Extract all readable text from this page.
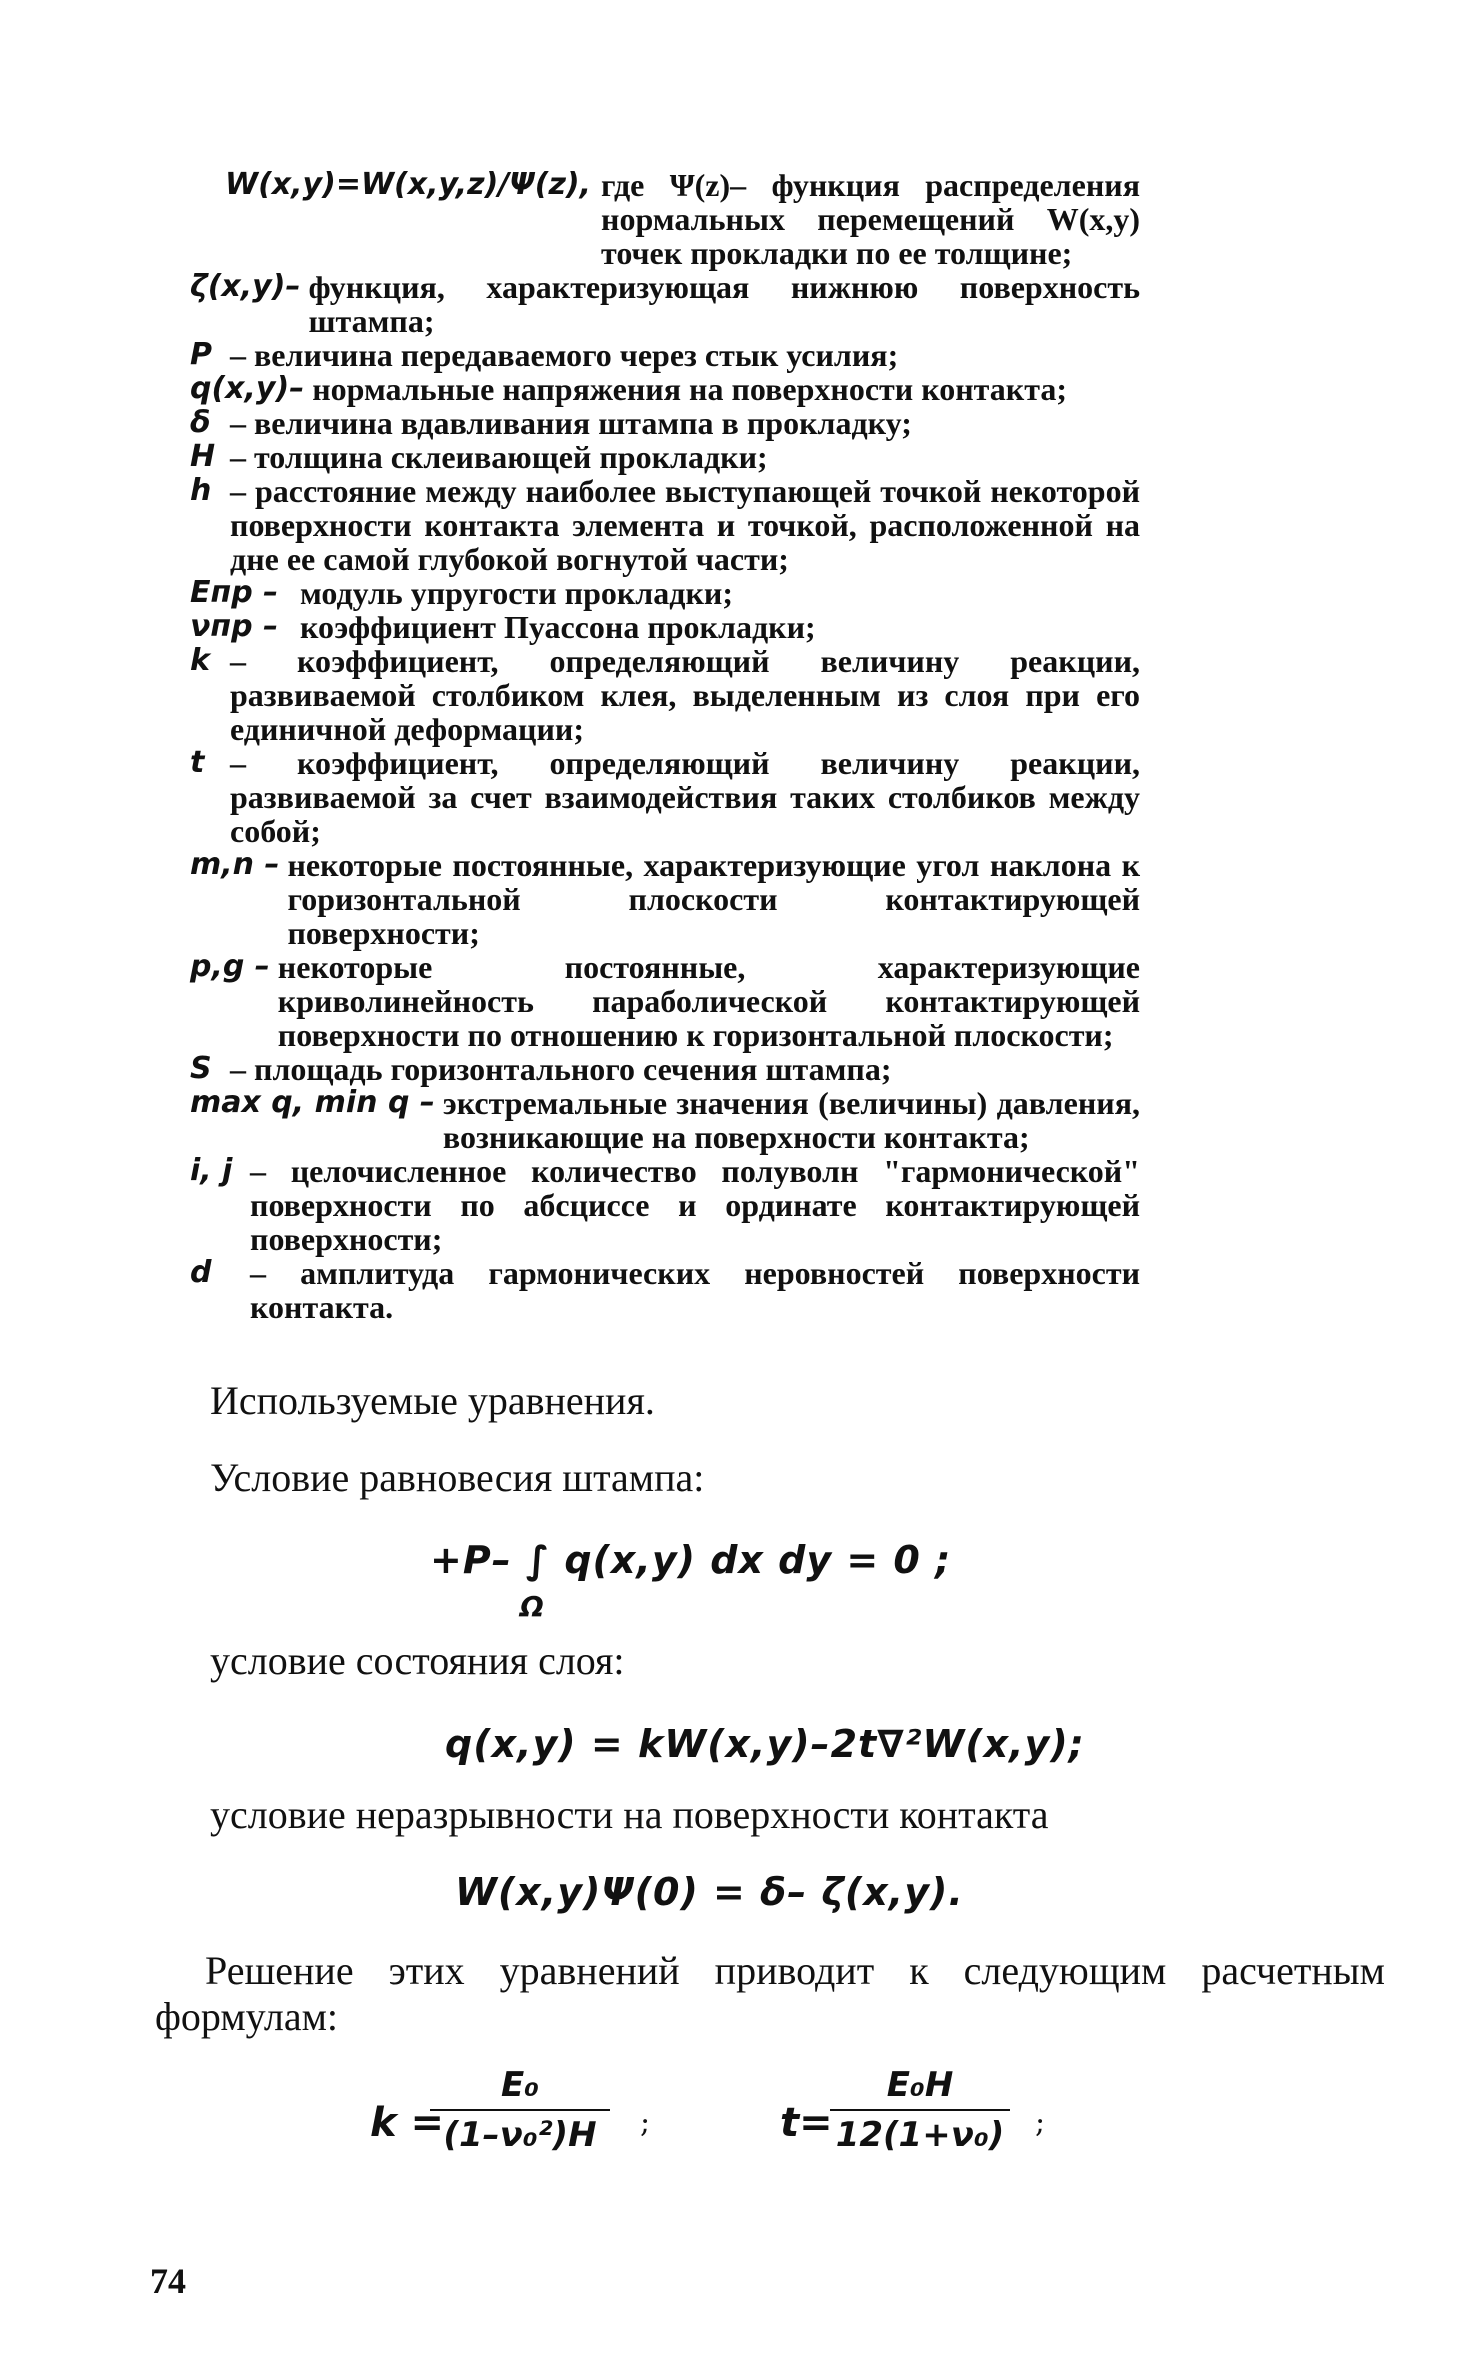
W(x,y)=W(x,y,z)/Ψ(z), где Ψ(z)– функция распределения нормальных перемещений W(x,y) точек прокладки по ее толщине;
ζ(x,y)– функция, характеризующая нижнюю поверхность штампа;
P – величина передаваемого через стык усилия;
q(x,y)– нормальные напряжения на поверхности контакта;
δ – величина вдавливания штампа в прокладку;
H – толщина склеивающей прокладки;
h – расстояние между наиболее выступающей точкой некоторой поверхности контакта элемента и точкой, расположенной на дне ее самой глубокой вогнутой части;
Eпр – модуль упругости прокладки;
νпр – коэффициент Пуассона прокладки;
k – коэффициент, определяющий величину реакции, развиваемой столбиком клея, выделенным из слоя при его единичной деформации;
t – коэффициент, определяющий величину реакции, развиваемой за счет взаимодействия таких столбиков между собой;
m,n – некоторые постоянные, характеризующие угол наклона к горизонтальной плоскости контактирующей поверхности;
p,g – некоторые постоянные, характеризующие криволинейность параболической контактирующей поверхности по отношению к горизонтальной плоскости;
S – площадь горизонтального сечения штампа;
max q, min q – экстремальные значения (величины) давления, возникающие на поверхности контакта;
i, j – целочисленное количество полуволн "гармонической" поверхности по абсциссе и ординате контактирующей поверхности;
d	– амплитуда гармонических неровностей поверхности контакта.
Используемые уравнения.
Условие равновесия штампа:
+P– ∫ q(x,y) dx dy = 0 ;
Ω
условие состояния слоя:
q(x,y) = kW(x,y)–2t∇²W(x,y);
условие неразрывности на поверхности контакта
W(x,y)Ψ(0) = δ– ζ(x,y).
Решение этих уравнений приводит к следующим расчетным формулам:
k =
E₀
(1–ν₀²)H	;	t=
E₀H
12(1+ν₀) ;
74
